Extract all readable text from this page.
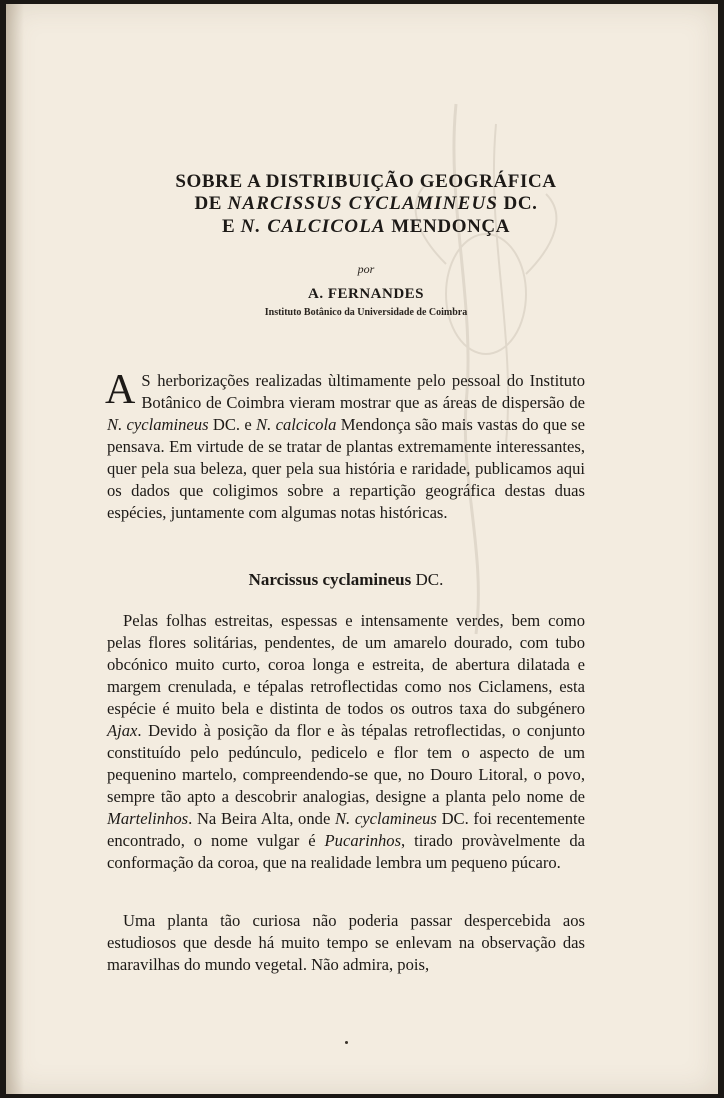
SOBRE A DISTRIBUIÇÃO GEOGRÁFICA
DE NARCISSUS CYCLAMINEUS DC.
E N. CALCICOLA MENDONÇA
por
A. FERNANDES
Instituto Botânico da Universidade de Coimbra
A S herborizações realizadas ùltimamente pelo pessoal do Instituto Botânico de Coimbra vieram mostrar que as áreas de dispersão de N. cyclamineus DC. e N. calcicola Mendonça são mais vastas do que se pensava. Em virtude de se tratar de plantas extremamente interessantes, quer pela sua beleza, quer pela sua história e raridade, publicamos aqui os dados que coligimos sobre a repartição geográfica destas duas espécies, juntamente com algumas notas históricas.
Narcissus cyclamineus DC.
Pelas folhas estreitas, espessas e intensamente verdes, bem como pelas flores solitárias, pendentes, de um amarelo dourado, com tubo obcónico muito curto, coroa longa e estreita, de abertura dilatada e margem crenulada, e tépalas retroflectidas como nos Ciclamens, esta espécie é muito bela e distinta de todos os outros taxa do subgénero Ajax. Devido à posição da flor e às tépalas retroflectidas, o conjunto constituído pelo pedúnculo, pedicelo e flor tem o aspecto de um pequenino martelo, compreendendo-se que, no Douro Litoral, o povo, sempre tão apto a descobrir analogias, designe a planta pelo nome de Martelinhos. Na Beira Alta, onde N. cyclamineus DC. foi recentemente encontrado, o nome vulgar é Pucarinhos, tirado provàvelmente da conformação da coroa, que na realidade lembra um pequeno púcaro.
Uma planta tão curiosa não poderia passar despercebida aos estudiosos que desde há muito tempo se enlevam na observação das maravilhas do mundo vegetal. Não admira, pois,
